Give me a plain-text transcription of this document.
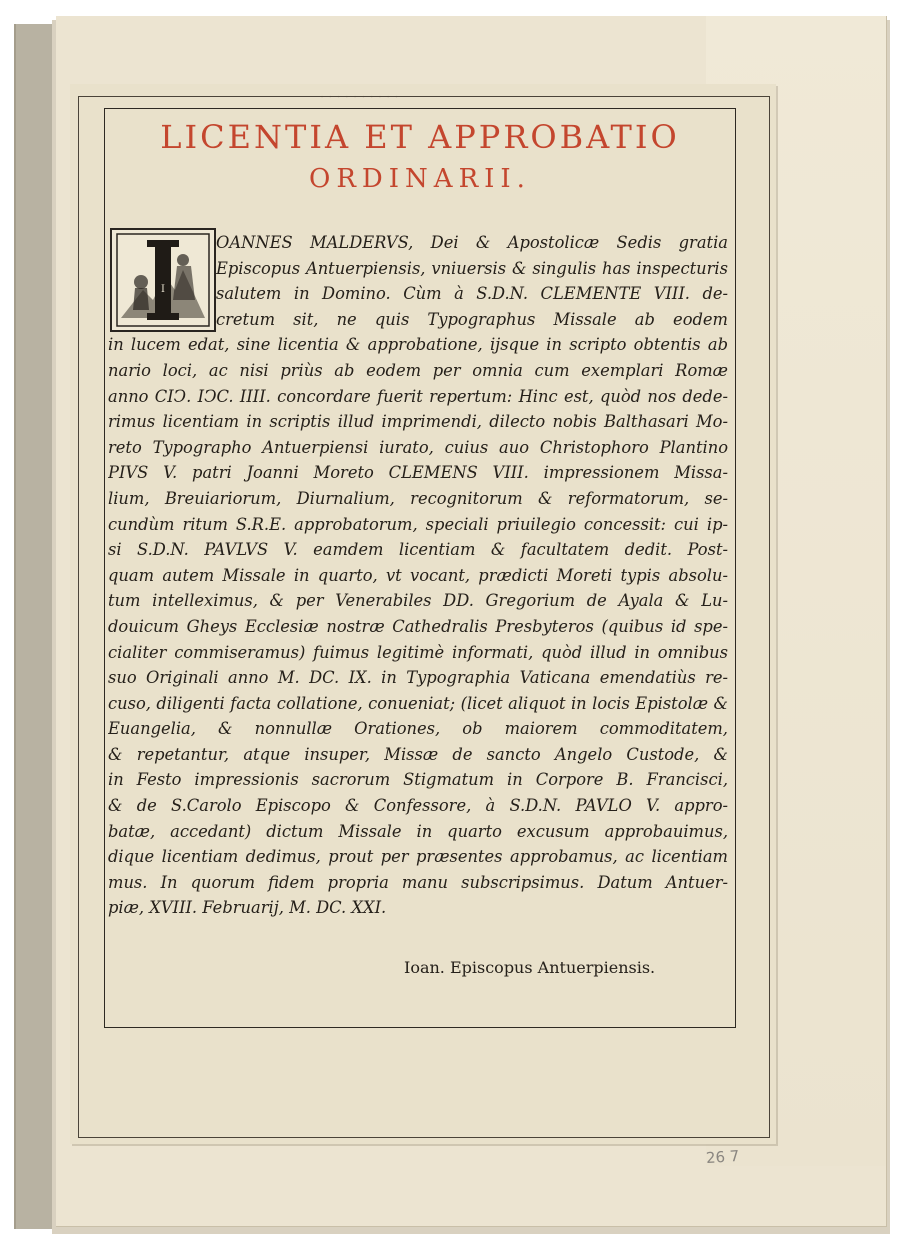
· · · · · · · · · ·
LICENTIA ET APPROBATIO
ORDINARII.
I
OANNES MALDERVS, Dei & Apostolicæ Sedis gratia
Episcopus Antuerpiensis, vniuersis & singulis has inspecturis
salutem in Domino. Cùm à S.D.N. CLEMENTE VIII. de-
cretum sit, ne quis Typographus Missale ab eodem
in lucem edat, sine licentia & approbatione, ijsque in scripto obtentis ab
nario loci, ac nisi priùs ab eodem per omnia cum exemplari Romæ
anno CIↃ. IↃC. IIII. concordare fuerit repertum: Hinc est, quòd nos dede-
rimus licentiam in scriptis illud imprimendi, dilecto nobis Balthasari Mo-
reto Typographo Antuerpiensi iurato, cuius auo Christophoro Plantino
PIVS V. patri Joanni Moreto CLEMENS VIII. impressionem Missa-
lium, Breuiariorum, Diurnalium, recognitorum & reformatorum, se-
cundùm ritum S.R.E. approbatorum, speciali priuilegio concessit: cui ip-
si S.D.N. PAVLVS V. eamdem licentiam & facultatem dedit. Post-
quam autem Missale in quarto, vt vocant, prædicti Moreti typis absolu-
tum intelleximus, & per Venerabiles DD. Gregorium de Ayala & Lu-
douicum Gheys Ecclesiæ nostræ Cathedralis Presbyteros (quibus id spe-
cialiter commiseramus) fuimus legitimè informati, quòd illud in omnibus
suo Originali anno M. DC. IX. in Typographia Vaticana emendatiùs re-
cuso, diligenti facta collatione, conueniat; (licet aliquot in locis Epistolæ &
Euangelia, & nonnullæ Orationes, ob maiorem commoditatem,
& repetantur, atque insuper, Missæ de sancto Angelo Custode, &
in Festo impressionis sacrorum Stigmatum in Corpore B. Francisci,
& de S.Carolo Episcopo & Confessore, à S.D.N. PAVLO V. appro-
batæ, accedant) dictum Missale in quarto excusum approbauimus,
dique licentiam dedimus, prout per præsentes approbamus, ac licentiam
mus. In quorum fidem propria manu subscripsimus. Datum Antuer-
piæ, XVIII. Februarij, M. DC. XXI.
Ioan. Episcopus Antuerpiensis.
26 7
